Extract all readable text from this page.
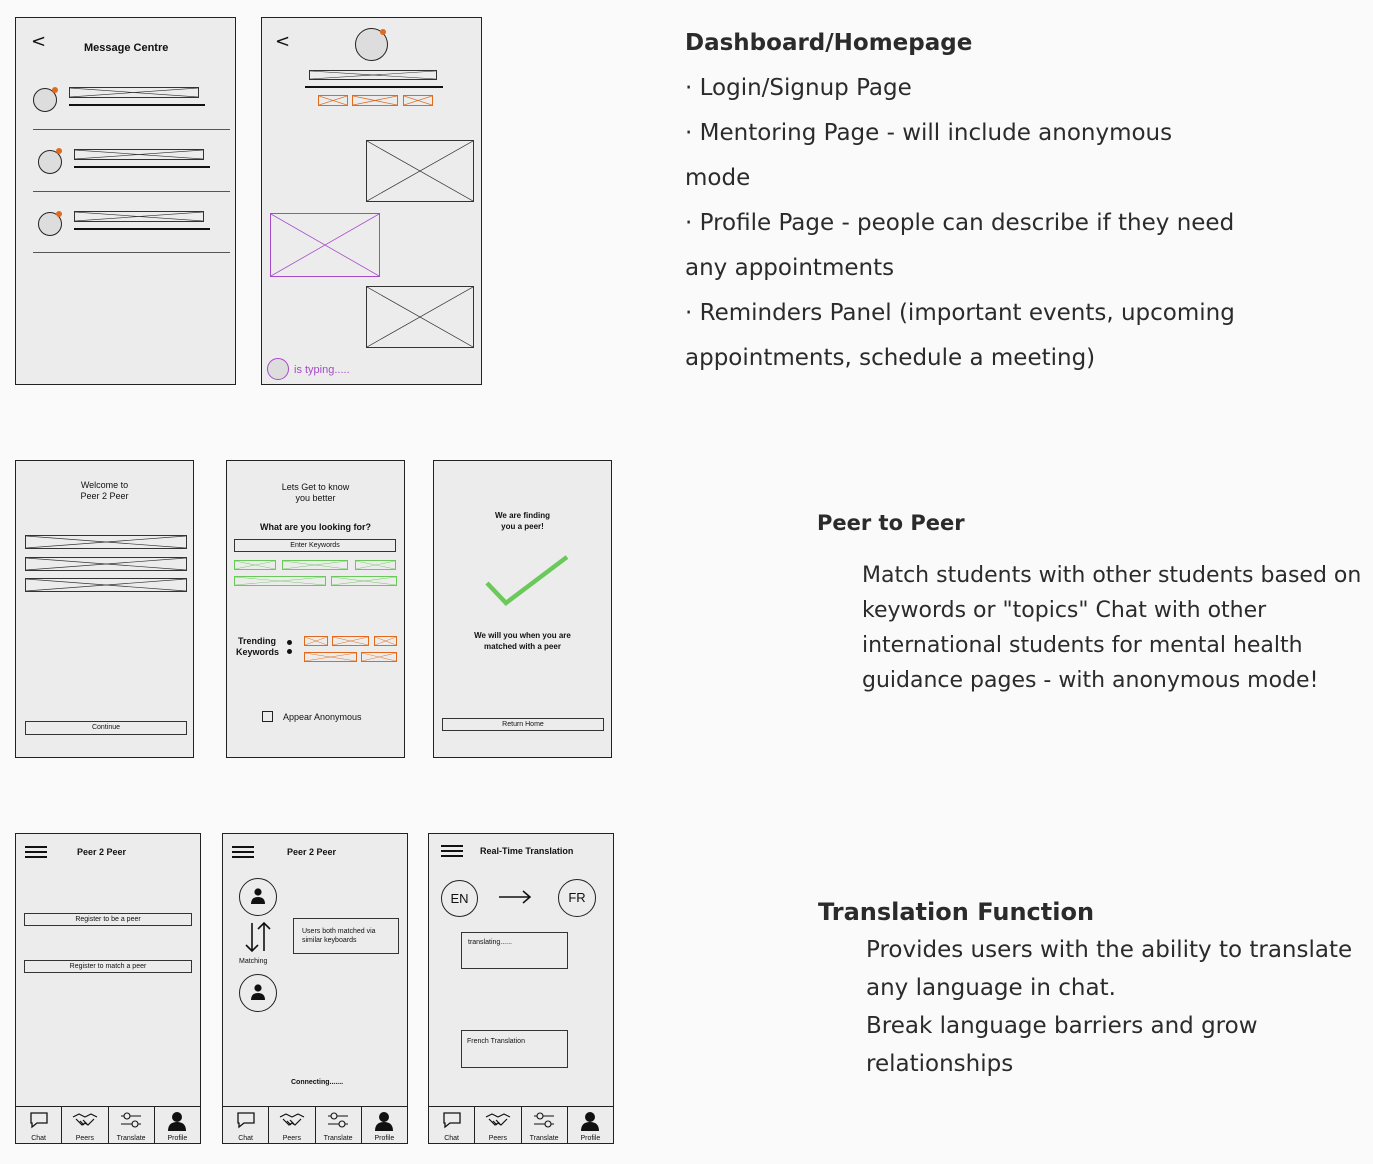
<	Message Centre	<
is typing.....
Dashboard/Homepage
· Login/Signup Page
· Mentoring Page - will include anonymous
mode
· Profile Page - people can describe if they need
any appointments
· Reminders Panel (important events, upcoming
appointments, schedule a meeting)
Welcome to
Peer 2 Peer
Continue
Lets Get to know
you better
What are you looking for?
Enter Keywords
Trending
Keywords
Appear Anonymous
We are finding
you a peer!
We will you when you are
matched with a peer
Return Home
Peer to Peer
Match students with other students based on
keywords or "topics" Chat with other
international students for mental health
guidance pages - with anonymous mode!
Peer 2 Peer
Register to be a peer
Register to match a peer
Chat	Peers	Translate	Profile
Peer 2 Peer
Matching
Users both matched via
similar keyboards
Connecting.......
Chat	Peers	Translate	Profile
Real-Time Translation
EN	FR
translating......
French Translation
Chat	Peers	Translate	Profile
Translation Function
Provides users with the ability to translate
any language in chat.
Break language barriers and grow
relationships
